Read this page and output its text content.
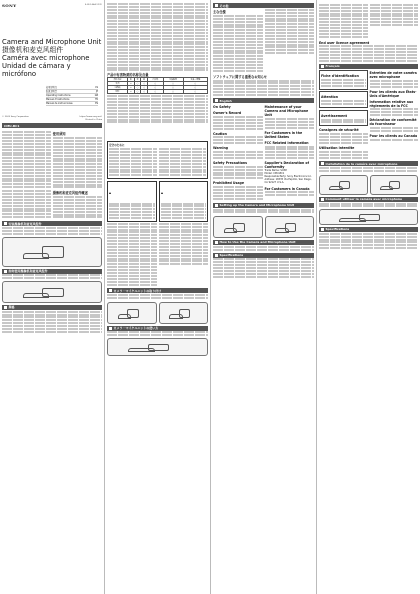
SONY	5-051-564-11(1)
Camera and Microphone Unit
摄像机和麦克风组件
Caméra avec microphone
Unidad de cámara y micrófono
使用说明书	CS
取扱説明書	JP
Operating Instructions	GB
Manuel d'instructions	FR
Manual de instrucciones	ES
© 2020 Sony Corporation	https://www.sony.net/
Printed in China
CMU-BC1
使用须知
摄像机和麦克风组件概述
安装摄像机和麦克风组件
如何使用摄像机和麦克风组件
规格
产品中有害物质的名称及含量
部件名称	铅	汞	镉	六价铬	多溴联苯	多溴二苯醚
外壳	×	○	○	○	○	○
电路板	×	○	○	○	○	○
附件	×	○	○	○	○	○
安全のために
カメラ・マイクユニットの取り付け
カメラ・マイクユニットの使い方
その他
主な仕様
ソフトウェアに関する重要なお知らせ
English
On Safety
Owner's Record
Caution
Warning
Safety Precautions
Prohibited Usage
Maintenance of your Camera and Microphone Unit
For Customers in the United States
FCC Related Information
Supplier's Declaration of Conformity
Trade Name: SONY
Model: CMU-BC1
Responsible Party: Sony Electronics Inc.
Address: 16535 Via Esprillo, San Diego, CA 92127 U.S.A.
For Customers in Canada
Setting up the Camera and Microphone Unit
How to Use the Camera and Microphone Unit
Specifications
End user licence agreement
Français
Fiche d'identification
Attention
Avertissement
Consignes de sécurité
Utilisation interdite
Entretien de votre caméra avec microphone
Pour les clients aux États-Unis d'Amérique
Information relative aux règlements de la FCC
Déclaration de conformité du fournisseur
Pour les clients au Canada
Installation de la caméra avec microphone
Comment utiliser la caméra avec microphone
Spécifications
